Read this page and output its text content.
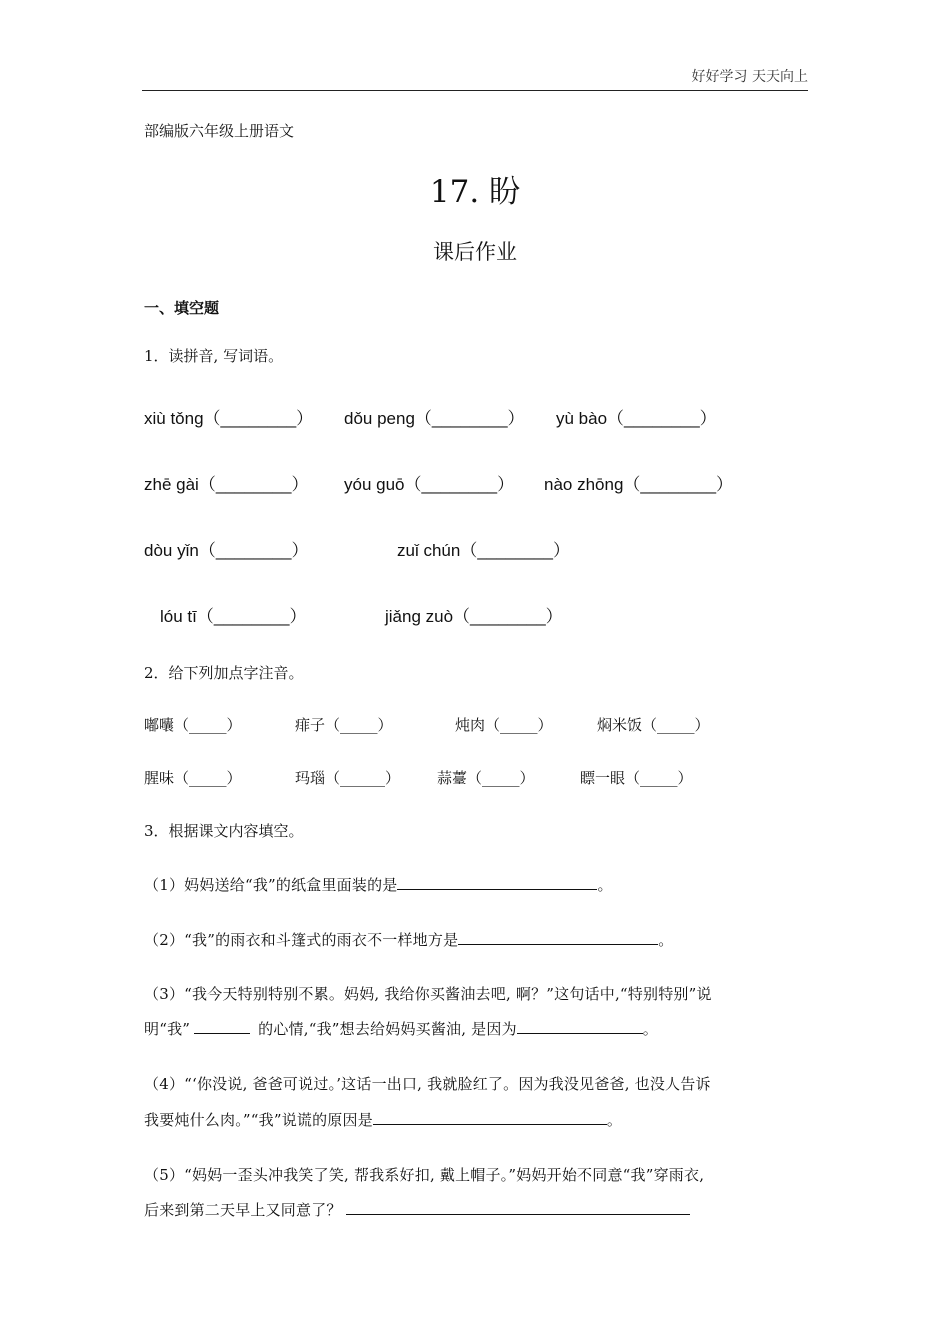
好好学习 天天向上
部编版六年级上册语文
17. 盼
课后作业
一、填空题
1．读拼音, 写词语。
xiù tǒng（________） dǒu peng（________） yù bào（________）
zhē gài（________） yóu guō（________） nào zhōng（________）
dòu yǐn（________）	zuǐ chún（________）
lóu tī（________）	jiǎng zuò（________）
2．给下列加点字注音。
嘟囔（_____）	痱子（_____）	炖肉（_____）	焖米饭（_____）
腥味（_____）	玛瑙（______） 蒜薹（_____）	瞟一眼（_____）
3．根据课文内容填空。
（1）妈妈送给“我”的纸盒里面装的是	。
（2）“我”的雨衣和斗篷式的雨衣不一样地方是	。
（3）“我今天特别特别不累。妈妈, 我给你买酱油去吧, 啊？”这句话中,“特别特别”说
明“我”	的心情,“我”想去给妈妈买酱油, 是因为	。
（4）“‘你没说, 爸爸可说过。’这话一出口, 我就脸红了。因为我没见爸爸, 也没人告诉
我要炖什么肉。”“我”说谎的原因是	。
（5）“妈妈一歪头冲我笑了笑, 帮我系好扣, 戴上帽子。”妈妈开始不同意“我”穿雨衣,
后来到第二天早上又同意了？
